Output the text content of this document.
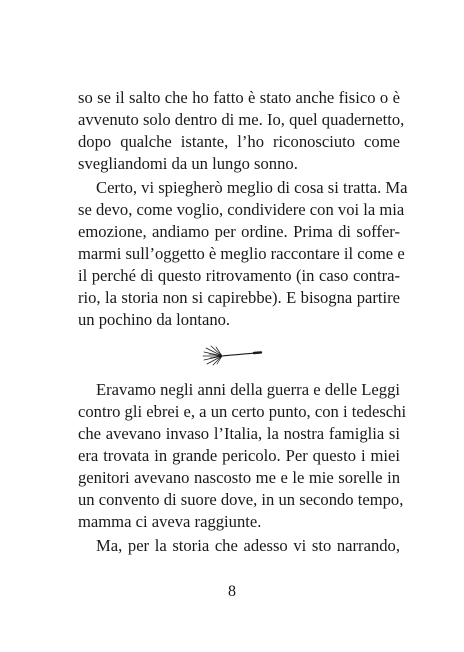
so se il salto che ho fatto è stato anche fisico o è
avvenuto solo dentro di me. Io, quel quadernetto,
dopo qualche istante, l’ho riconosciuto come
svegliandomi da un lungo sonno.
Certo, vi spiegherò meglio di cosa si tratta. Ma
se devo, come voglio, condividere con voi la mia
emozione, andiamo per ordine. Prima di soffer-
marmi sull’oggetto è meglio raccontare il come e
il perché di questo ritrovamento (in caso contra-
rio, la storia non si capirebbe). E bisogna partire
un pochino da lontano.
Eravamo negli anni della guerra e delle Leggi
contro gli ebrei e, a un certo punto, con i tedeschi
che avevano invaso l’Italia, la nostra famiglia si
era trovata in grande pericolo. Per questo i miei
genitori avevano nascosto me e le mie sorelle in
un convento di suore dove, in un secondo tempo,
mamma ci aveva raggiunte.
Ma, per la storia che adesso vi sto narrando,
8
